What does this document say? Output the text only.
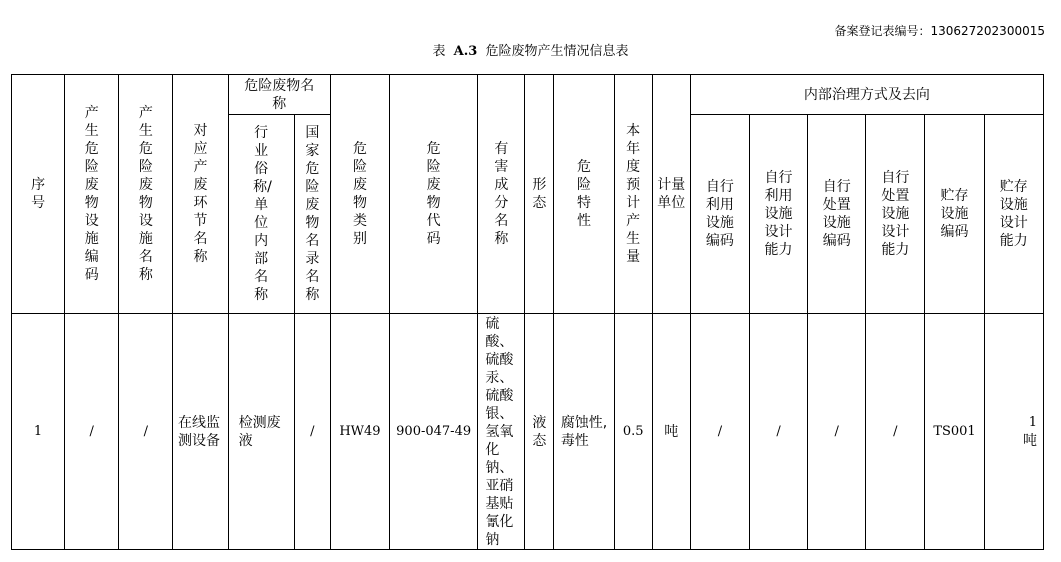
备案登记表编号：130627202300015
表 A.3 危险废物产生情况信息表
序号	产生危险废物设施编码	产生危险废物设施名称	对应产废环节名称	危险废物名称		危险废物类别	危险废物代码	有害成分名称	形态	危险特性	本年度预计产生量	计量单位	内部治理方式及去向					
				行业俗称/单位内部名称	国家危险废物名录名称								自行利用设施编码	自行利用设施设计能力	自行处置设施编码	自行处置设施设计能力	贮存设施编码	贮存设施设计能力
1	/	/	在线监测设备	检测废液	/	HW49	900-047-49	硫酸、硫酸汞、硫酸银、氢氧化钠、亚硝基贴氰化钠	液态	腐蚀性,
毒性	0.5	吨	/	/	/	/	TS001	1
吨
